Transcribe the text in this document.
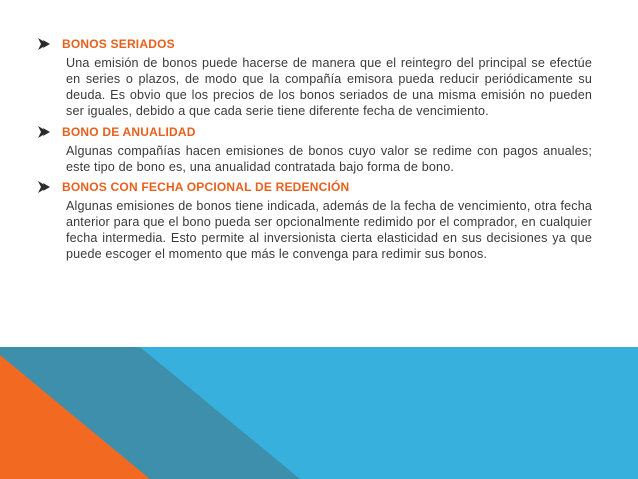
BONOS SERIADOS
Una emisión de bonos puede hacerse de manera que el reintegro del principal se efectúe en series o plazos, de modo que la compañía emisora pueda reducir periódicamente su deuda. Es obvio que los precios de los bonos seriados de una misma emisión no pueden ser iguales, debido a que cada serie tiene diferente fecha de vencimiento.
BONO DE ANUALIDAD
Algunas compañías hacen emisiones de bonos cuyo valor se redime con pagos anuales; este tipo de bono es, una anualidad contratada bajo forma de bono.
BONOS CON FECHA OPCIONAL DE REDENCIÓN
Algunas emisiones de bonos tiene indicada, además de la fecha de vencimiento, otra fecha anterior para que el bono pueda ser opcionalmente redimido por el comprador, en cualquier fecha intermedia. Esto permite al inversionista cierta elasticidad en sus decisiones ya que puede escoger el momento que más le convenga para redimir sus bonos.
